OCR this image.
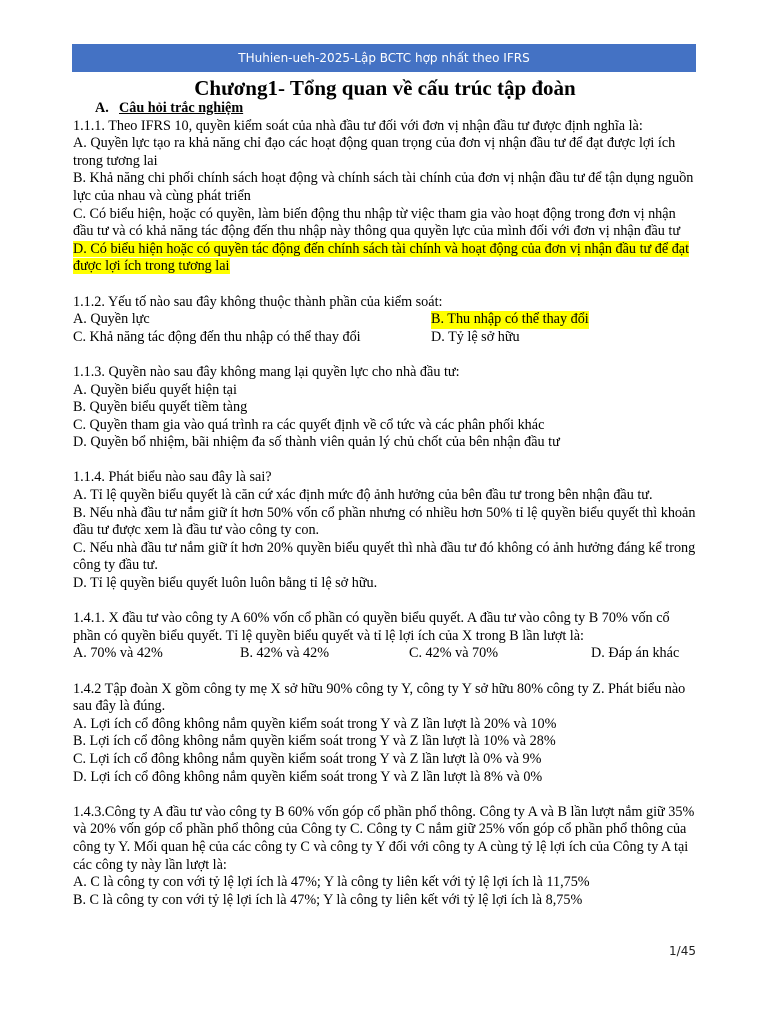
THuhien-ueh-2025-Lập BCTC hợp nhất theo IFRS
Chương1- Tổng quan về cấu trúc tập đoàn
A. Câu hỏi trắc nghiệm

1.1.1. Theo IFRS 10, quyền kiểm soát của nhà đầu tư đối với đơn vị nhận đầu tư được định nghĩa là:

A. Quyền lực tạo ra khả năng chỉ đạo các hoạt động quan trọng của đơn vị nhận đầu tư để đạt được lợi ích trong tương lai

B. Khả năng chi phối chính sách hoạt động và chính sách tài chính của đơn vị nhận đầu tư để tận dụng nguồn lực của nhau và cùng phát triển

C. Có biểu hiện, hoặc có quyền, làm biến động thu nhập từ việc tham gia vào hoạt động trong đơn vị nhận đầu tư và có khả năng tác động đến thu nhập này thông qua quyền lực của mình đối với đơn vị nhận đầu tư

D. Có biểu hiện hoặc có quyền tác động đến chính sách tài chính và hoạt động của đơn vị nhận đầu tư để đạt được lợi ích trong tương lai

1.1.2. Yếu tố nào sau đây không thuộc thành phần của kiểm soát:

A. Quyền lực	B. Thu nhập có thể thay đổi
C. Khả năng tác động đến thu nhập có thể thay đổi	D. Tỷ lệ sở hữu

1.1.3. Quyền nào sau đây không mang lại quyền lực cho nhà đầu tư:

A. Quyền biểu quyết hiện tại

B. Quyền biểu quyết tiềm tàng

C. Quyền tham gia vào quá trình ra các quyết định về cổ tức và các phân phối khác

D. Quyền bổ nhiệm, bãi nhiệm đa số thành viên quản lý chủ chốt của bên nhận đầu tư

1.1.4. Phát biểu nào sau đây là sai?

A. Tỉ lệ quyền biểu quyết là căn cứ xác định mức độ ảnh hưởng của bên đầu tư trong bên nhận đầu tư.

B. Nếu nhà đầu tư nắm giữ ít hơn 50% vốn cổ phần nhưng có nhiều hơn 50% tỉ lệ quyền biểu quyết thì khoản đầu tư được xem là đầu tư vào công ty con.

C. Nếu nhà đầu tư nắm giữ ít hơn 20% quyền biểu quyết thì nhà đầu tư đó không có ảnh hưởng đáng kể trong công ty đầu tư.

D. Tỉ lệ quyền biểu quyết luôn luôn bằng tỉ lệ sở hữu.

1.4.1. X đầu tư vào công ty A 60% vốn cổ phần có quyền biểu quyết. A đầu tư vào công ty B 70% vốn cổ phần có quyền biểu quyết. Tỉ lệ quyền biểu quyết và tỉ lệ lợi ích của X trong B lần lượt là:

A. 70% và 42%	B. 42% và 42%	C. 42% và 70%	D. Đáp án khác

1.4.2 Tập đoàn X gồm công ty mẹ X sở hữu 90% công ty Y, công ty Y sở hữu 80% công ty Z. Phát biểu nào sau đây là đúng.

A. Lợi ích cổ đông không nắm quyền kiểm soát trong Y và Z lần lượt là 20% và 10%

B. Lợi ích cổ đông không nắm quyền kiểm soát trong Y và Z lần lượt là 10% và 28%

C. Lợi ích cổ đông không nắm quyền kiểm soát trong Y và Z lần lượt là 0% và 9%

D. Lợi ích cổ đông không nắm quyền kiểm soát trong Y và Z lần lượt là 8% và 0%

1.4.3.Công ty A đầu tư vào công ty B 60% vốn góp cổ phần phổ thông. Công ty A và B lần lượt nắm giữ 35% và 20% vốn góp cổ phần phổ thông của Công ty C. Công ty C nắm giữ 25% vốn góp cổ phần phổ thông của công ty Y. Mối quan hệ của các công ty C và công ty Y đối với công ty A cùng tỷ lệ lợi ích của Công ty A tại các công ty này lần lượt là:

A. C là công ty con với tỷ lệ lợi ích là 47%; Y là công ty liên kết với tỷ lệ lợi ích là 11,75%

B. C là công ty con với tỷ lệ lợi ích là 47%; Y là công ty liên kết với tỷ lệ lợi ích là 8,75%

1/45
